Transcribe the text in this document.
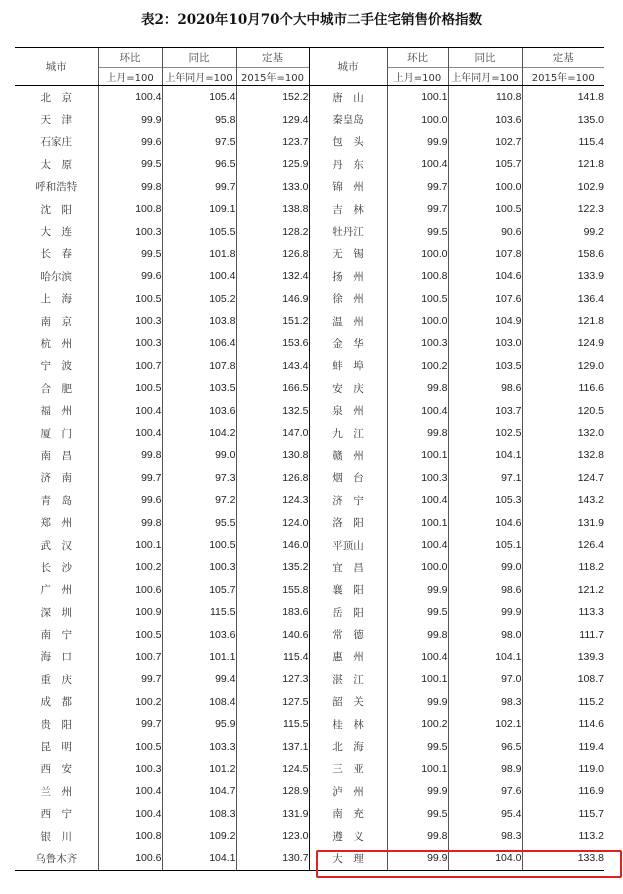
表2：2020年10月70个大中城市二手住宅销售价格指数
城市	环比	同比	定基	城市	环比	同比	定基
	上月=100	上年同月=100	2015年=100		上月=100	上年同月=100	2015年=100
北　京	100.4	105.4	152.2	唐　山	100.1	110.8	141.8
天　津	99.9	95.8	129.4	秦皇岛	100.0	103.6	135.0
石家庄	99.6	97.5	123.7	包　头	99.9	102.7	115.4
太　原	99.5	96.5	125.9	丹　东	100.4	105.7	121.8
呼和浩特	99.8	99.7	133.0	锦　州	99.7	100.0	102.9
沈　阳	100.8	109.1	138.8	吉　林	99.7	100.5	122.3
大　连	100.3	105.5	128.2	牡丹江	99.5	90.6	99.2
长　春	99.5	101.8	126.8	无　锡	100.0	107.8	158.6
哈尔滨	99.6	100.4	132.4	扬　州	100.8	104.6	133.9
上　海	100.5	105.2	146.9	徐　州	100.5	107.6	136.4
南　京	100.3	103.8	151.2	温　州	100.0	104.9	121.8
杭　州	100.3	106.4	153.6	金　华	100.3	103.0	124.9
宁　波	100.7	107.8	143.4	蚌　埠	100.2	103.5	129.0
合　肥	100.5	103.5	166.5	安　庆	99.8	98.6	116.6
福　州	100.4	103.6	132.5	泉　州	100.4	103.7	120.5
厦　门	100.4	104.2	147.0	九　江	99.8	102.5	132.0
南　昌	99.8	99.0	130.8	赣　州	100.1	104.1	132.8
济　南	99.7	97.3	126.8	烟　台	100.3	97.1	124.7
青　岛	99.6	97.2	124.3	济　宁	100.4	105.3	143.2
郑　州	99.8	95.5	124.0	洛　阳	100.1	104.6	131.9
武　汉	100.1	100.5	146.0	平顶山	100.4	105.1	126.4
长　沙	100.2	100.3	135.2	宜　昌	100.0	99.0	118.2
广　州	100.6	105.7	155.8	襄　阳	99.9	98.6	121.2
深　圳	100.9	115.5	183.6	岳　阳	99.5	99.9	113.3
南　宁	100.5	103.6	140.6	常　德	99.8	98.0	111.7
海　口	100.7	101.1	115.4	惠　州	100.4	104.1	139.3
重　庆	99.7	99.4	127.3	湛　江	100.1	97.0	108.7
成　都	100.2	108.4	127.5	韶　关	99.9	98.3	115.2
贵　阳	99.7	95.9	115.5	桂　林	100.2	102.1	114.6
昆　明	100.5	103.3	137.1	北　海	99.5	96.5	119.4
西　安	100.3	101.2	124.5	三　亚	100.1	98.9	119.0
兰　州	100.4	104.7	128.9	泸　州	99.9	97.6	116.9
西　宁	100.4	108.3	131.9	南　充	99.5	95.4	115.7
银　川	100.8	109.2	123.0	遵　义	99.8	98.3	113.2
乌鲁木齐	100.6	104.1	130.7	大　理	99.9	104.0	133.8
